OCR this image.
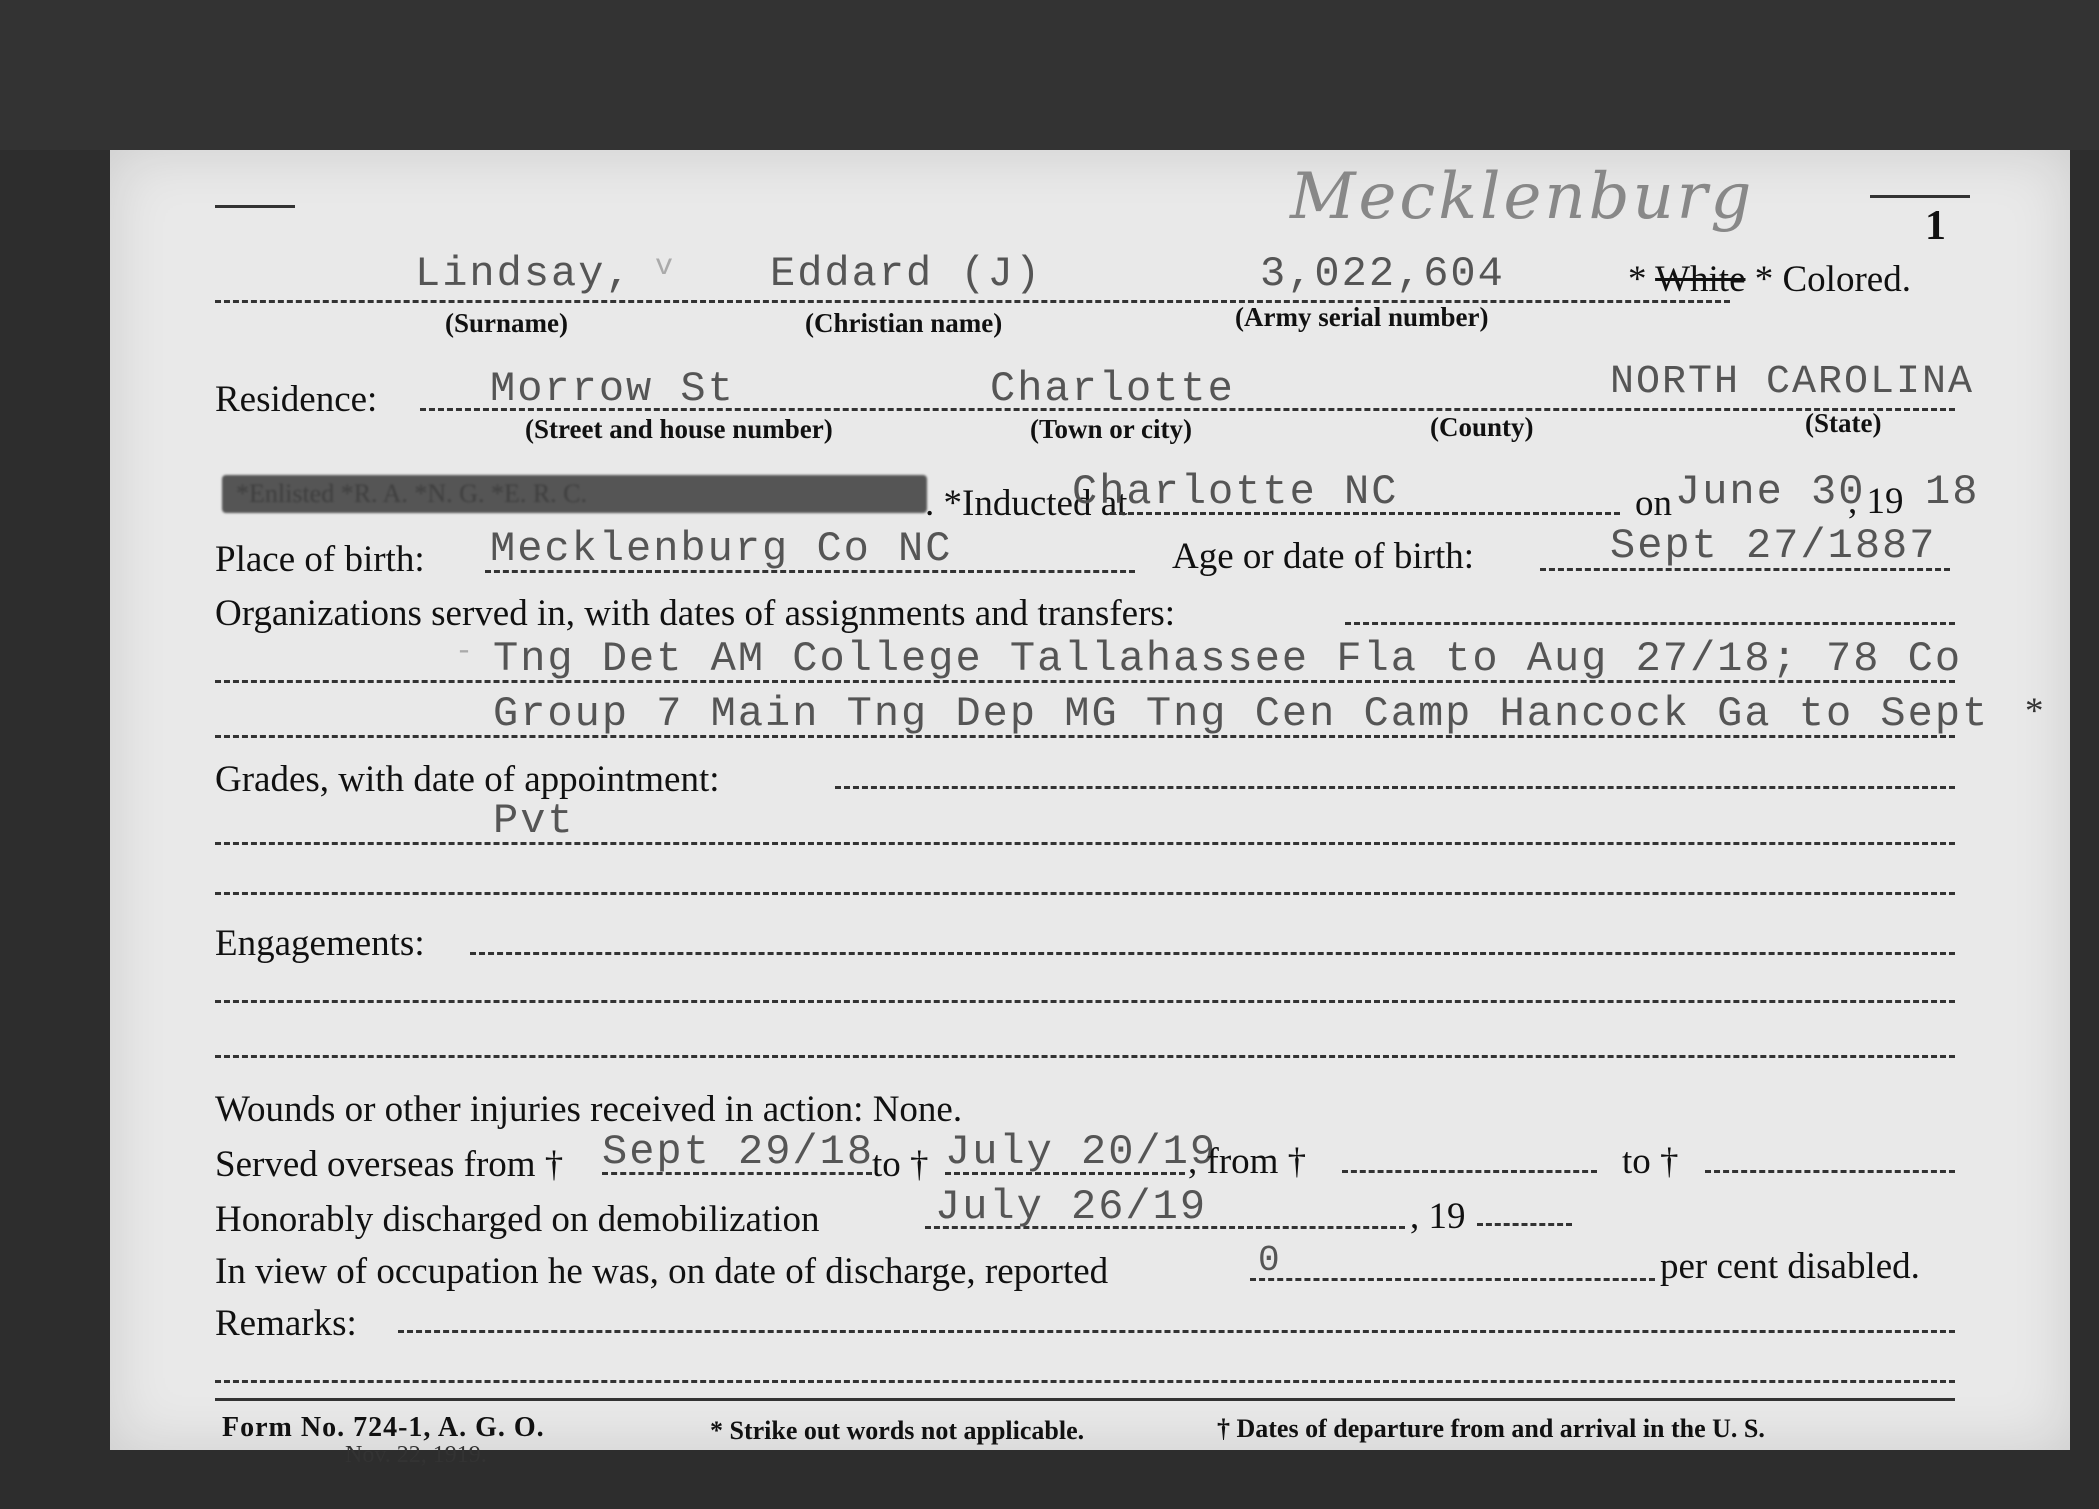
Mecklenburg	1
Lindsay, v Eddard (J)	3,022,604	* White * Colored.
(Surname)	(Christian name)	(Army serial number)
Residence:	Morrow St	Charlotte	NORTH CAROLINA
(Street and house number)	(Town or city)	(County)	(State)
*Enlisted *R. A. *N. G. *E. R. C.	. *Inducted at
Charlotte NC	on June 30
, 19 18
Place of birth: Mecklenburg Co NC	Age or date of birth:	Sept 27/1887
Organizations served in, with dates of assignments and transfers:
- Tng Det AM College Tallahassee Fla to Aug 27/18; 78 Co
Group 7 Main Tng Dep MG Tng Cen Camp Hancock Ga to Sept *
Grades, with date of appointment:
Pvt
Engagements:
Wounds or other injuries received in action: None.
Served overseas from † Sept 29/18
to † July 20/19
, from †	to †
Honorably discharged on demobilization	July 26/19	, 19
In view of occupation he was, on date of discharge, reported	0	per cent disabled.
Remarks:
Form No. 724-1, A. G. O.
Nov. 22, 1919.
* Strike out words not applicable.	† Dates of departure from and arrival in the U. S.
